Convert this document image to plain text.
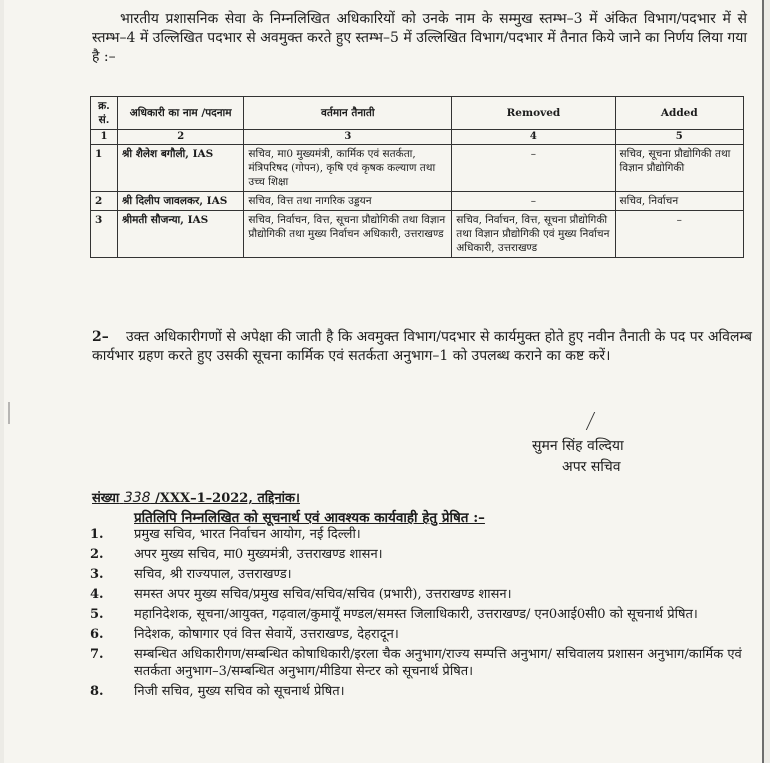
भारतीय प्रशासनिक सेवा के निम्नलिखित अधिकारियों को उनके नाम के सम्मुख स्तम्भ–3 में अंकित विभाग/पदभार में से स्तम्भ–4 में उल्लिखित पदभार से अवमुक्त करते हुए स्तम्भ–5 में उल्लिखित विभाग/पदभार में तैनात किये जाने का निर्णय लिया गया है :–
क्र. सं.	अधिकारी का नाम /पदनाम	वर्तमान तैनाती	Removed	Added
1	2	3	4	5
1	श्री शैलेश बगौली, IAS	सचिव, मा0 मुख्यमंत्री, कार्मिक एवं सतर्कता, मंत्रिपरिषद (गोपन), कृषि एवं कृषक कल्याण तथा उच्च शिक्षा	–	सचिव, सूचना प्रौद्योगिकी तथा विज्ञान प्रौद्योगिकी
2	श्री दिलीप जावलकर, IAS	सचिव, वित्त तथा नागरिक उड्डयन	–	सचिव, निर्वाचन
3	श्रीमती सौजन्या, IAS	सचिव, निर्वाचन, वित्त, सूचना प्रौद्योगिकी तथा विज्ञान प्रौद्योगिकी तथा मुख्य निर्वाचन अधिकारी, उत्तराखण्ड	सचिव, निर्वाचन, वित्त, सूचना प्रौद्योगिकी तथा विज्ञान प्रौद्योगिकी एवं मुख्य निर्वाचन अधिकारी, उत्तराखण्ड	–
2– उक्त अधिकारीगणों से अपेक्षा की जाती है कि अवमुक्त विभाग/पदभार से कार्यमुक्त होते हुए नवीन तैनाती के पद पर अविलम्ब कार्यभार ग्रहण करते हुए उसकी सूचना कार्मिक एवं सतर्कता अनुभाग–1 को उपलब्ध कराने का कष्ट करें।
सुमन सिंह वल्दिया
अपर सचिव
संख्या 338 /XXX–1–2022, तद्दिनांक।
प्रतिलिपि निम्नलिखित को सूचनार्थ एवं आवश्यक कार्यवाही हेतु प्रेषित :–
1.	प्रमुख सचिव, भारत निर्वाचन आयोग, नई दिल्ली।
2.	अपर मुख्य सचिव, मा0 मुख्यमंत्री, उत्तराखण्ड शासन।
3.	सचिव, श्री राज्यपाल, उत्तराखण्ड।
4.	समस्त अपर मुख्य सचिव/प्रमुख सचिव/सचिव/सचिव (प्रभारी), उत्तराखण्ड शासन।
5.	महानिदेशक, सूचना/आयुक्त, गढ़वाल/कुमायूँ मण्डल/समस्त जिलाधिकारी, उत्तराखण्ड/ एन0आई0सी0 को सूचनार्थ प्रेषित।
6.	निदेशक, कोषागार एवं वित्त सेवायें, उत्तराखण्ड, देहरादून।
7.	सम्बन्धित अधिकारीगण/सम्बन्धित कोषाधिकारी/इरला चैक अनुभाग/राज्य सम्पत्ति अनुभाग/ सचिवालय प्रशासन अनुभाग/कार्मिक एवं सतर्कता अनुभाग–3/सम्बन्धित अनुभाग/मीडिया सेन्टर को सूचनार्थ प्रेषित।
8.	निजी सचिव, मुख्य सचिव को सूचनार्थ प्रेषित।
